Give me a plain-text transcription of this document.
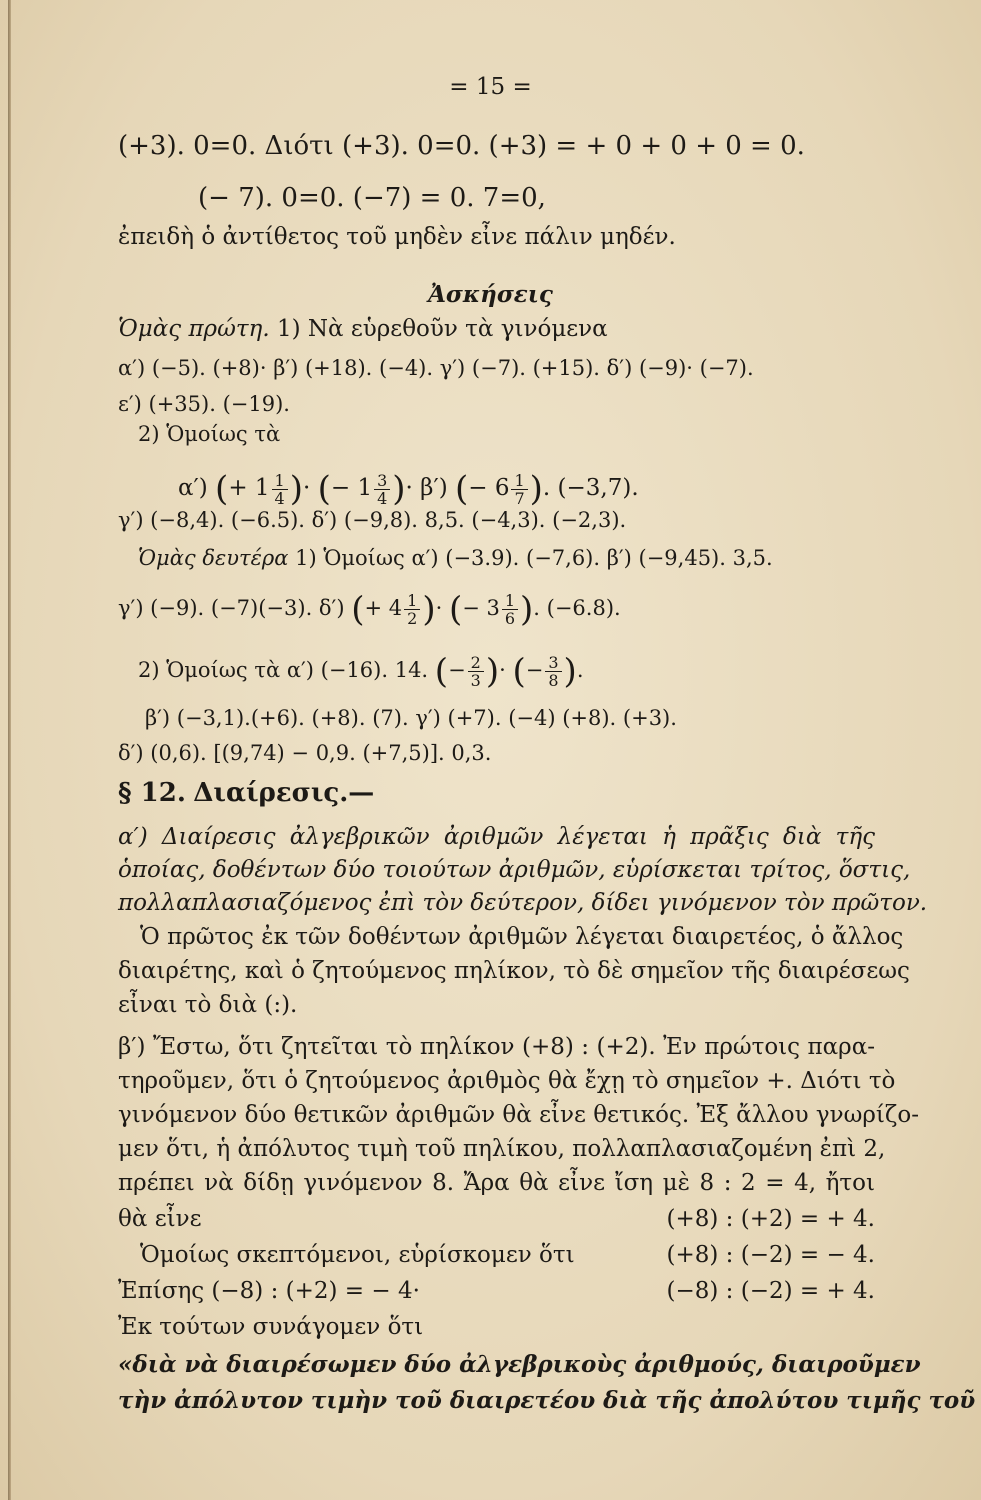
= 15 =
(+3). 0=0. Διότι (+3). 0=0. (+3) = + 0 + 0 + 0 = 0.
(− 7). 0=0. (−7) = 0. 7=0,
ἐπειδὴ ὁ ἀντίθετος τοῦ μηδὲν εἶνε πάλιν μηδέν.
Ἀσκήσεις
Ὁμὰς πρώτη. 1) Νὰ εὑρεθοῦν τὰ γινόμενα
α′) (−5). (+8)· β′) (+18). (−4). γ′) (−7). (+15). δ′) (−9)· (−7).
ε′) (+35). (−19).
2) Ὁμοίως τὰ
α′) (+ $1 \frac{1}{4}$ )· (− $1 \frac{3}{4}$ )· β′) (− $6 \frac{1}{7}$ ). (−3,7).
γ′) (−8,4). (−6.5). δ′) (−9,8). 8,5. (−4,3). (−2,3).
Ὁμὰς δευτέρα 1) Ὁμοίως α′) (−3.9). (−7,6). β′) (−9,45). 3,5.
γ′) (−9). (−7)(−3). δ′) (+ $4 \frac{1}{2}$ )· (− $3 \frac{1}{6}$ ). (−6.8).
2) Ὁμοίως τὰ α′) (−16). 14. (− $\frac{2}{3}$ )· (− $\frac{3}{8}$ ).
β′) (−3,1).(+6). (+8). (7). γ′) (+7). (−4) (+8). (+3).
δ′) (0,6). [(9,74) − 0,9. (+7,5)]. 0,3.
§ 12. Διαίρεσις.—
α′) Διαίρεσις ἀλγεβρικῶν ἀριθμῶν λέγεται ἡ πρᾶξις διὰ τῆς
ὁποίας, δοθέντων δύο τοιούτων ἀριθμῶν, εὑρίσκεται τρίτος, ὅστις,
πολλαπλασιαζόμενος ἐπὶ τὸν δεύτερον, δίδει γινόμενον τὸν πρῶτον.
Ὁ πρῶτος ἐκ τῶν δοθέντων ἀριθμῶν λέγεται διαιρετέος, ὁ ἄλλος
διαιρέτης, καὶ ὁ ζητούμενος πηλίκον, τὸ δὲ σημεῖον τῆς διαιρέσεως
εἶναι τὸ διὰ (:).
β′) Ἔστω, ὅτι ζητεῖται τὸ πηλίκον (+8) : (+2). Ἐν πρώτοις παρα-
τηροῦμεν, ὅτι ὁ ζητούμενος ἀριθμὸς θὰ ἔχῃ τὸ σημεῖον +. Διότι τὸ
γινόμενον δύο θετικῶν ἀριθμῶν θὰ εἶνε θετικός. Ἐξ ἄλλου γνωρίζο-
μεν ὅτι, ἡ ἀπόλυτος τιμὴ τοῦ πηλίκου, πολλαπλασιαζομένη ἐπὶ 2,
πρέπει νὰ δίδῃ γινόμενον 8. Ἄρα θὰ εἶνε ἴση μὲ 8 : 2 = 4, ἤτοι
θὰ εἶνε	(+8) : (+2) = + 4.
Ὁμοίως σκεπτόμενοι, εὑρίσκομεν ὅτι	(+8) : (−2) = − 4.
Ἐπίσης (−8) : (+2) = − 4·	(−8) : (−2) = + 4.
Ἐκ τούτων συνάγομεν ὅτι
«διὰ νὰ διαιρέσωμεν δύο ἀλγεβρικοὺς ἀριθμούς, διαιροῦμεν
τὴν ἀπόλυτον τιμὴν τοῦ διαιρετέου διὰ τῆς ἀπολύτου τιμῆς τοῦ
